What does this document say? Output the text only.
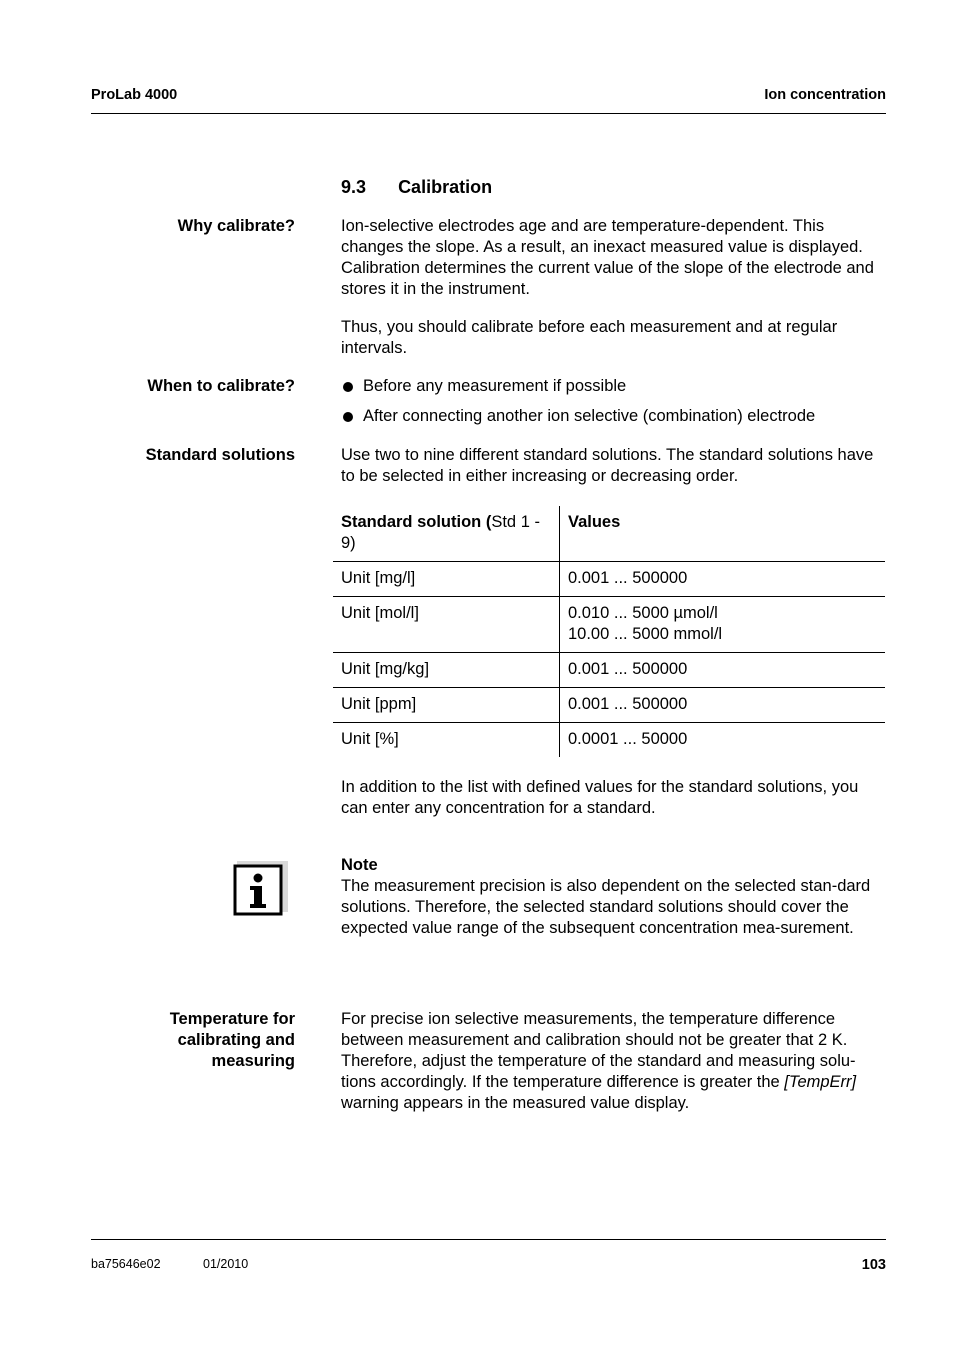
ProLab 4000	Ion concentration
9.3 Calibration
Why calibrate?	Ion-selective electrodes age and are temperature-dependent. This changes the slope. As a result, an inexact measured value is displayed. Calibration determines the current value of the slope of the electrode and stores it in the instrument.
Thus, you should calibrate before each measurement and at regular intervals.
When to calibrate?	Before any measurement if possible
After connecting another ion selective (combination) electrode
Standard solutions	Use two to nine different standard solutions. The standard solutions have to be selected in either increasing or decreasing order.
Standard solution (Std 1 - 9)	Values
Unit [mg/l]	0.001 ... 500000
Unit [mol/l]	0.010 ... 5000 µmol/l
10.00 ... 5000 mmol/l

Unit [mg/kg]	0.001 ... 500000
Unit [ppm]	0.001 ... 500000
Unit [%]	0.0001 ... 50000
In addition to the list with defined values for the standard solutions, you can enter any concentration for a standard.
Note
The measurement precision is also dependent on the selected stan-dard solutions. Therefore, the selected standard solutions should cover the expected value range of the subsequent concentration mea-surement.
Temperature for
calibrating and
measuring
For precise ion selective measurements, the temperature difference between measurement and calibration should not be greater that 2 K. Therefore, adjust the temperature of the standard and measuring solu-tions accordingly. If the temperature difference is greater the [TempErr] warning appears in the measured value display.
ba75646e02	01/2010	103
